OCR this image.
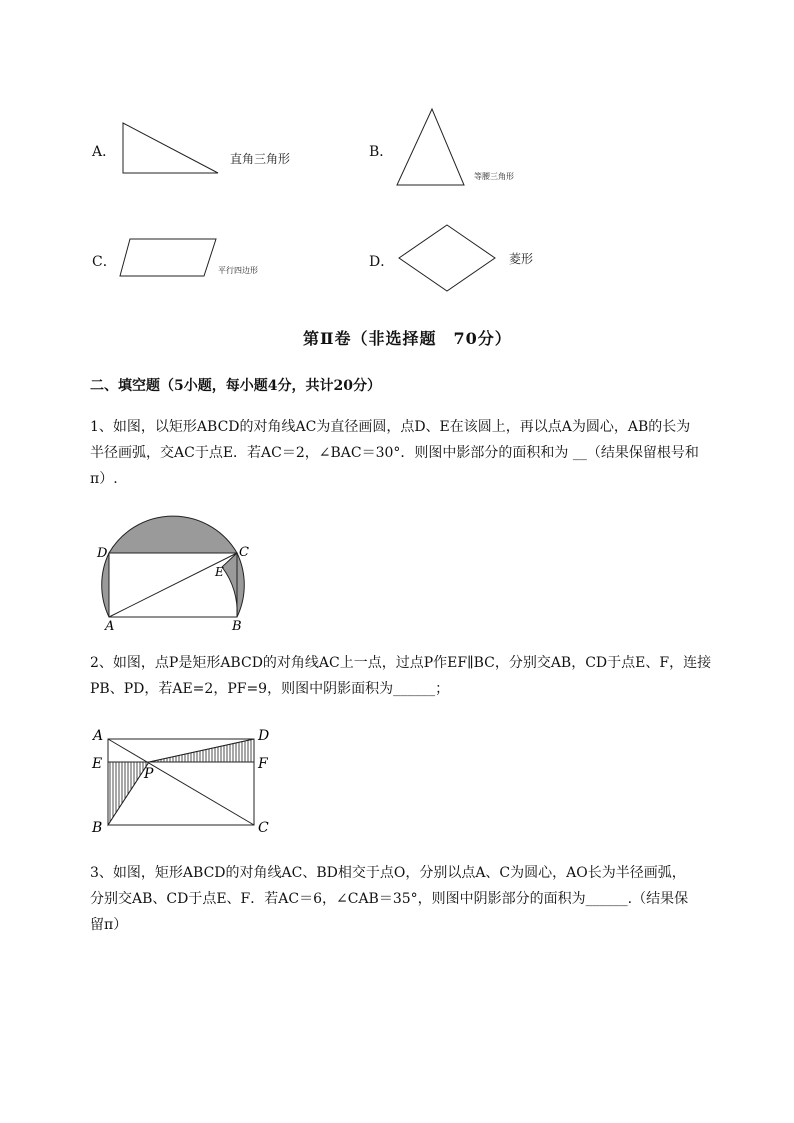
A．	直角三角形	B．
等腰三角形
C．
平行四边形
D．	菱形
第Ⅱ卷（非选择题　70分）
二、填空题（5小题，每小题4分，共计20分）
1、如图，以矩形ABCD的对角线AC为直径画圆，点D、E在该圆上，再以点A为圆心，AB的长为
半径画弧，交AC于点E．若AC＝2，∠BAC＝30°．则图中影部分的面积和为 __（结果保留根号和
π）.
D	C
E
A	B
2、如图，点P是矩形ABCD的对角线AC上一点，过点P作EF∥BC，分别交AB，CD于点E、F，连接
PB、PD，若AE=2，PF=9，则图中阴影面积为______；
A	D
E	F
P
B	C
3、如图，矩形ABCD的对角线AC、BD相交于点O，分别以点A、C为圆心，AO长为半径画弧，
分别交AB、CD于点E、F．若AC＝6，∠CAB＝35°，则图中阴影部分的面积为______.（结果保
留π）
